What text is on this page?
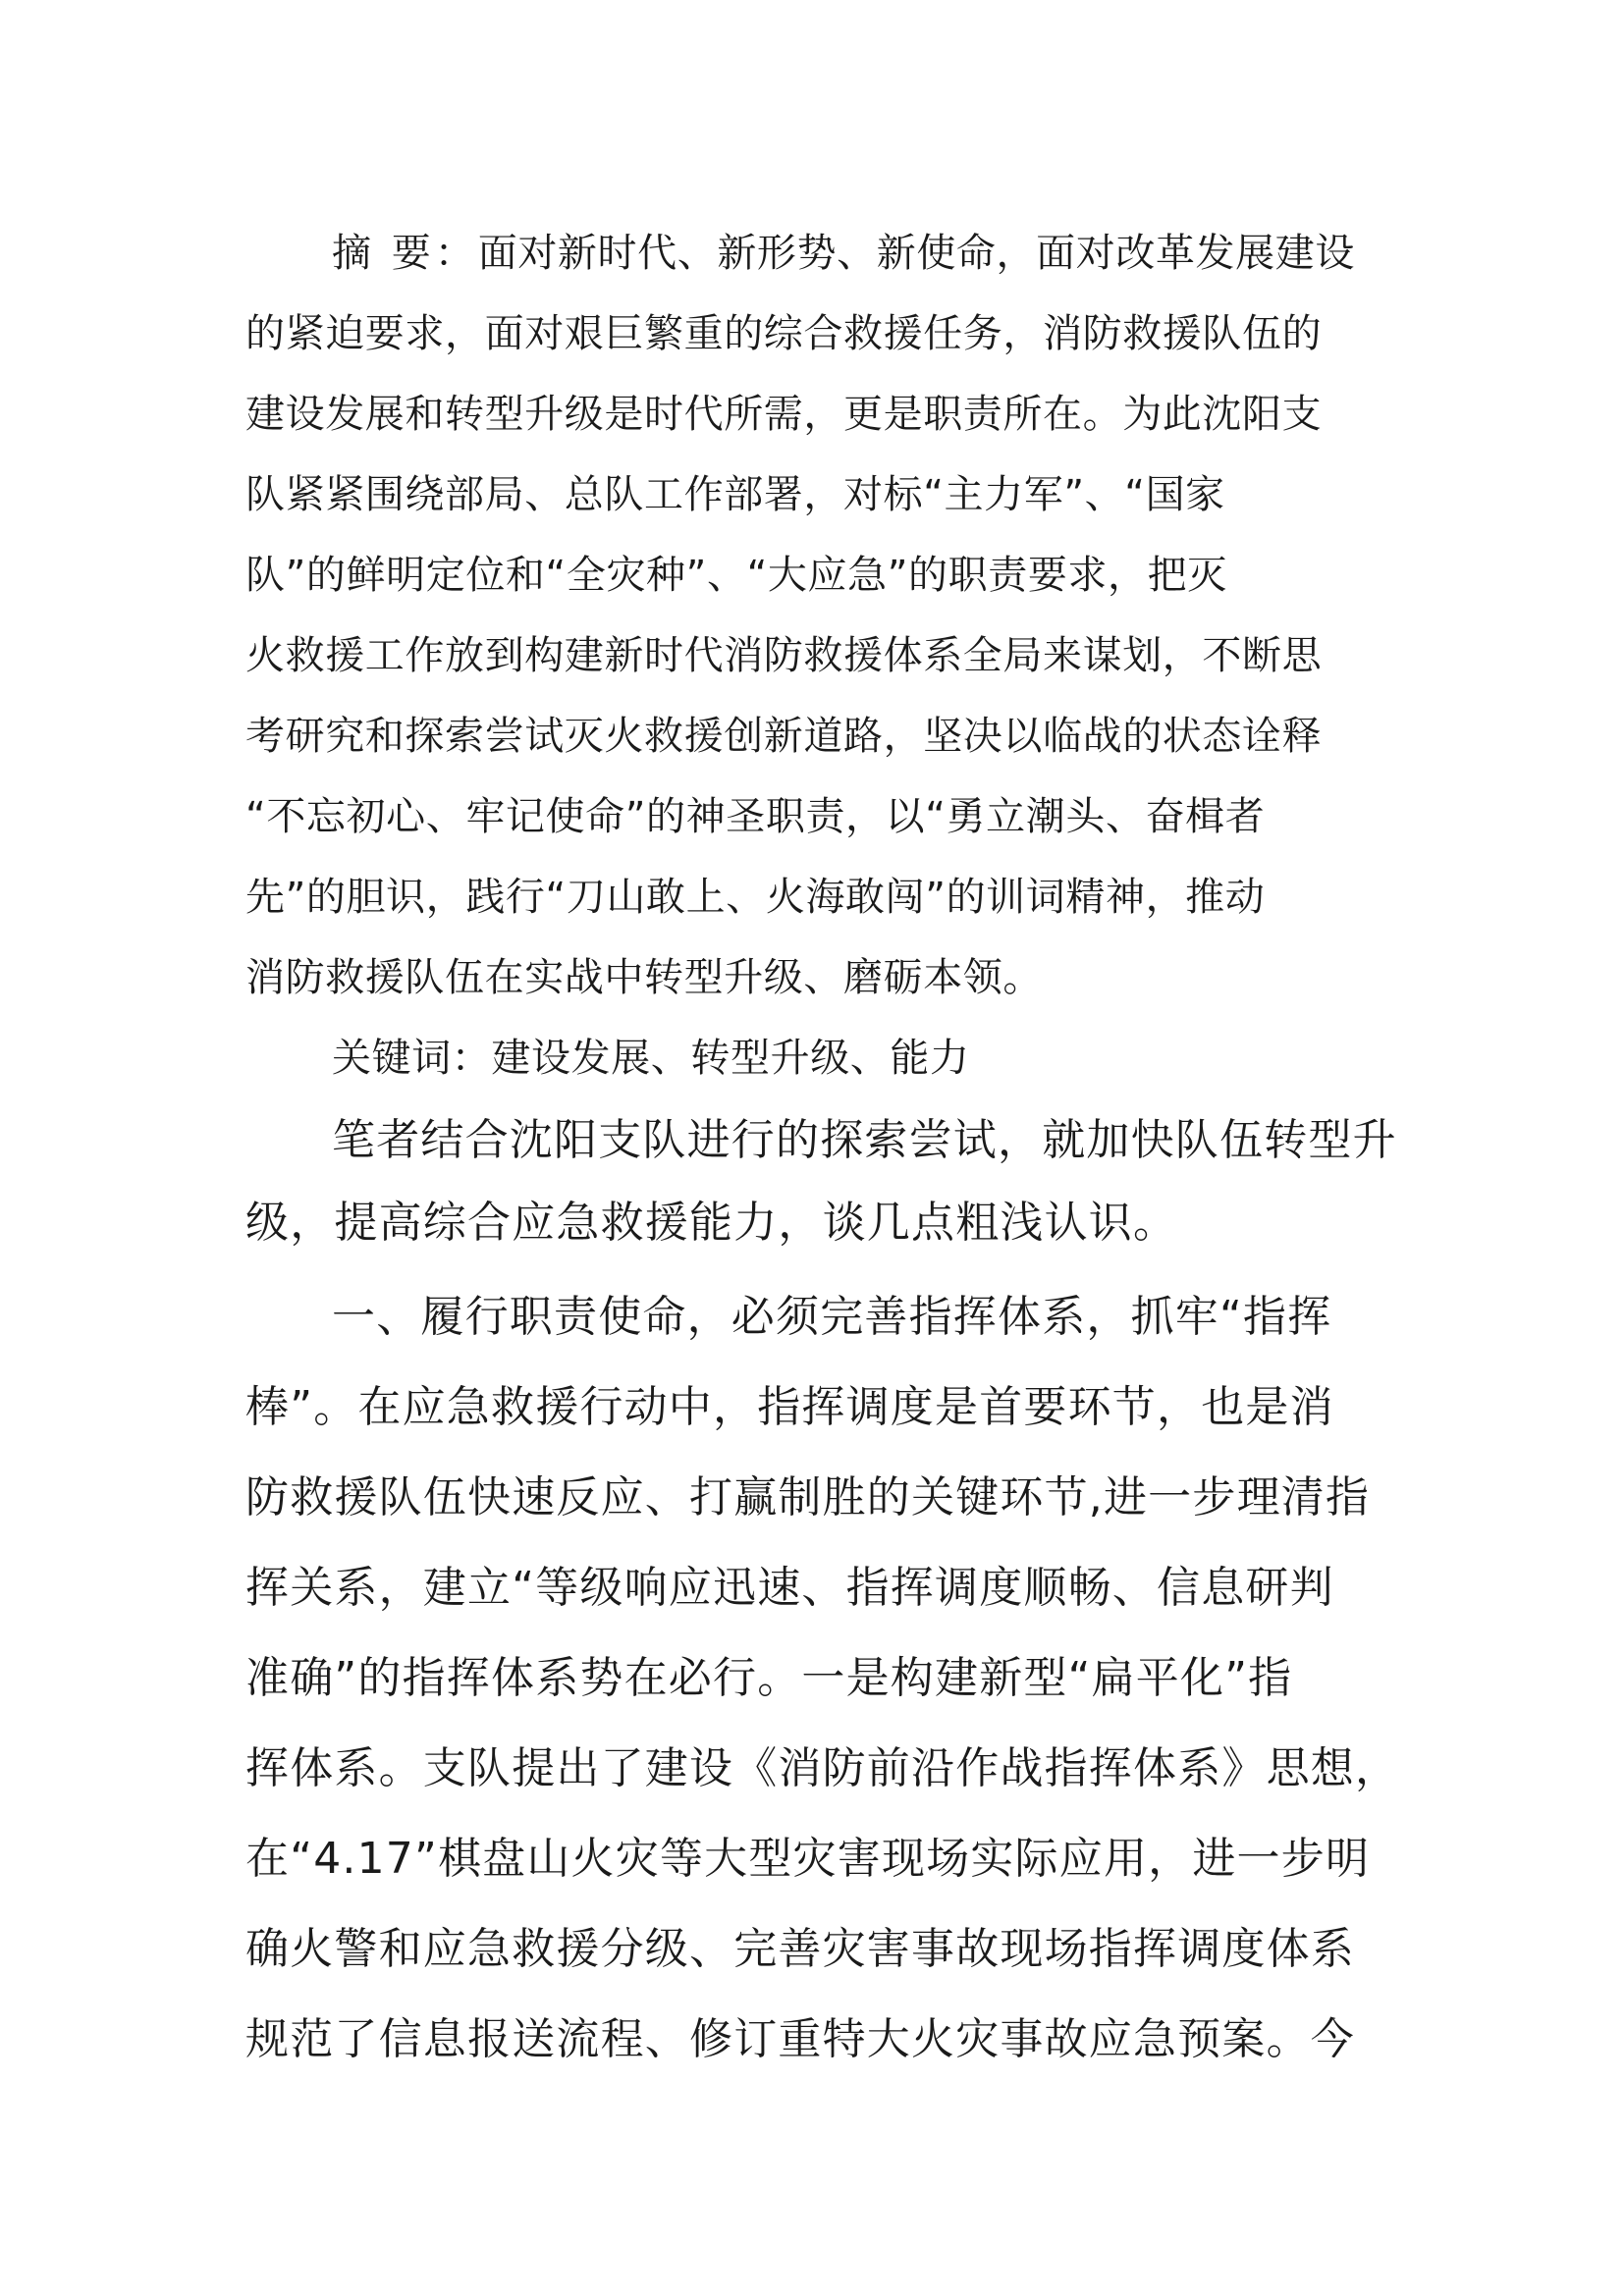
摘 要：面对新时代、新形势、新使命，面对改革发展建设
的紧迫要求，面对艰巨繁重的综合救援任务，消防救援队伍的
建设发展和转型升级是时代所需，更是职责所在。为此沈阳支
队紧紧围绕部局、总队工作部署，对标“主力军”、“国家
队”的鲜明定位和“全灾种”、“大应急”的职责要求，把灭
火救援工作放到构建新时代消防救援体系全局来谋划，不断思
考研究和探索尝试灭火救援创新道路，坚决以临战的状态诠释
“不忘初心、牢记使命”的神圣职责，以“勇立潮头、奋楫者
先”的胆识，践行“刀山敢上、火海敢闯”的训词精神，推动
消防救援队伍在实战中转型升级、磨砺本领。
关键词：建设发展、转型升级、能力
笔者结合沈阳支队进行的探索尝试，就加快队伍转型升
级，提高综合应急救援能力，谈几点粗浅认识。
一、履行职责使命，必须完善指挥体系，抓牢“指挥
棒”。在应急救援行动中，指挥调度是首要环节，也是消
防救援队伍快速反应、打赢制胜的关键环节,进一步理清指
挥关系，建立“等级响应迅速、指挥调度顺畅、信息研判
准确”的指挥体系势在必行。一是构建新型“扁平化”指
挥体系。支队提出了建设《消防前沿作战指挥体系》思想，
在“4.17”棋盘山火灾等大型灾害现场实际应用，进一步明
确火警和应急救援分级、完善灾害事故现场指挥调度体系
规范了信息报送流程、修订重特大火灾事故应急预案。今
